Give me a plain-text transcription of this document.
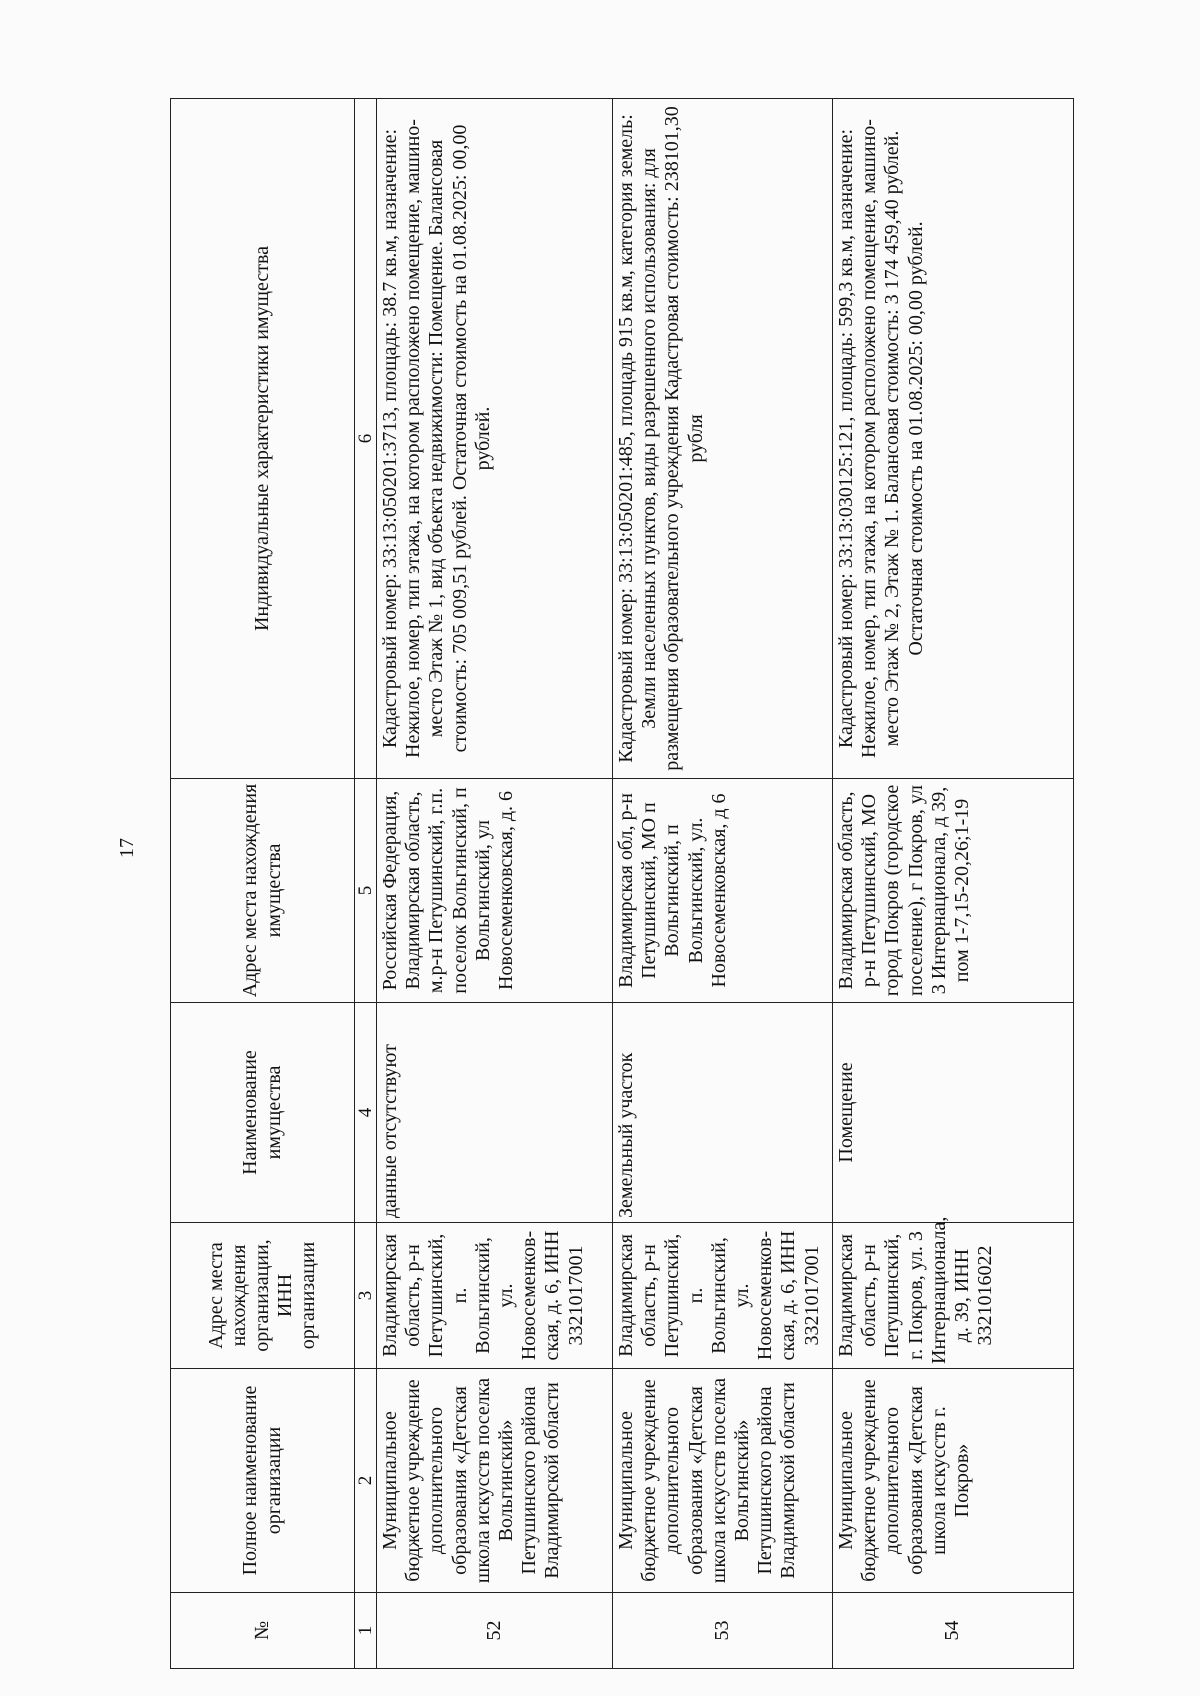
17
№	Полное наименование организации	Адрес места нахождения организации, ИНН организации	Наименование имущества	Адрес места нахождения имущества	Индивидуальные характеристики имущества
1	2	3	4	5	6
52	Муниципальное бюджетное учреждение дополнительного образования «Детская школа искусств поселка Вольгинский» Петушинского района Владимирской области	Владимирская область, р-н Петушинский, п. Вольгинский, ул. Новосеменков-ская, д. 6, ИНН 3321017001	данные отсутствуют	Российская Федерация, Владимирская область, м.р-н Петушинский, г.п. поселок Вольгинский, п Вольгинский, ул Новосеменковская, д. 6	Кадастровый номер: 33:13:050201:3713, площадь: 38.7 кв.м, назначение: Нежилое, номер, тип этажа, на котором расположено помещение, машино-место Этаж № 1, вид объекта недвижимости: Помещение. Балансовая стоимость: 705 009,51 рублей. Остаточная стоимость на 01.08.2025: 00,00 рублей.
53	Муниципальное бюджетное учреждение дополнительного образования «Детская школа искусств поселка Вольгинский» Петушинского района Владимирской области	Владимирская область, р-н Петушинский, п. Вольгинский, ул. Новосеменков-ская, д. 6, ИНН 3321017001	Земельный участок	Владимирская обл, р-н Петушинский, МО п Вольгинский, п Вольгинский, ул. Новосеменковская, д 6	Кадастровый номер: 33:13:050201:485, площадь 915 кв.м, категория земель: Земли населенных пунктов, виды разрешенного использования: для размещения образовательного учреждения Кадастровая стоимость: 238101,30 рубля
54	Муниципальное бюджетное учреждение дополнительного образования «Детская школа искусств г. Покров»	Владимирская область, р-н Петушинский, г. Покров, ул. 3 Интернационала, д. 39, ИНН 3321016022	Помещение	Владимирская область, р-н Петушинский, МО город Покров (городское поселение), г Покров, ул 3 Интернационала, д 39, пом 1-7,15-20,26;1-19	Кадастровый номер: 33:13:030125:121, площадь: 599,3 кв.м, назначение: Нежилое, номер, тип этажа, на котором расположено помещение, машино-место Этаж № 2, Этаж № 1. Балансовая стоимость: 3 174 459,40 рублей. Остаточная стоимость на 01.08.2025: 00,00 рублей.
